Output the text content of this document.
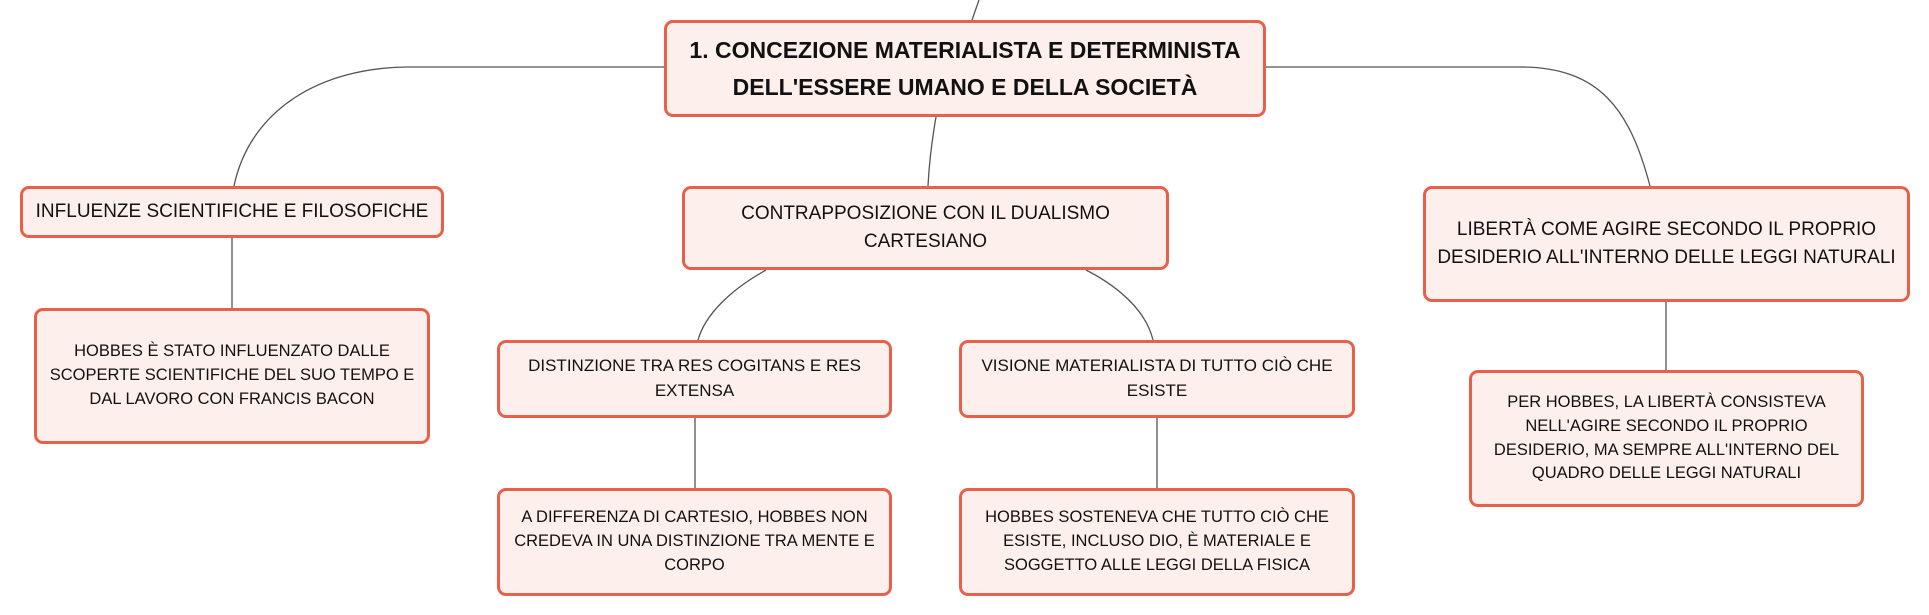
1. CONCEZIONE MATERIALISTA E DETERMINISTA
DELL'ESSERE UMANO E DELLA SOCIETÀ
INFLUENZE SCIENTIFICHE E FILOSOFICHE
HOBBES È STATO INFLUENZATO DALLE
SCOPERTE SCIENTIFICHE DEL SUO TEMPO E
DAL LAVORO CON FRANCIS BACON
CONTRAPPOSIZIONE CON IL DUALISMO
CARTESIANO
DISTINZIONE TRA RES COGITANS E RES
EXTENSA
VISIONE MATERIALISTA DI TUTTO CIÒ CHE
ESISTE
A DIFFERENZA DI CARTESIO, HOBBES NON
CREDEVA IN UNA DISTINZIONE TRA MENTE E
CORPO
HOBBES SOSTENEVA CHE TUTTO CIÒ CHE
ESISTE, INCLUSO DIO, È MATERIALE E
SOGGETTO ALLE LEGGI DELLA FISICA
LIBERTÀ COME AGIRE SECONDO IL PROPRIO
DESIDERIO ALL'INTERNO DELLE LEGGI NATURALI
PER HOBBES, LA LIBERTÀ CONSISTEVA
NELL'AGIRE SECONDO IL PROPRIO
DESIDERIO, MA SEMPRE ALL'INTERNO DEL
QUADRO DELLE LEGGI NATURALI
